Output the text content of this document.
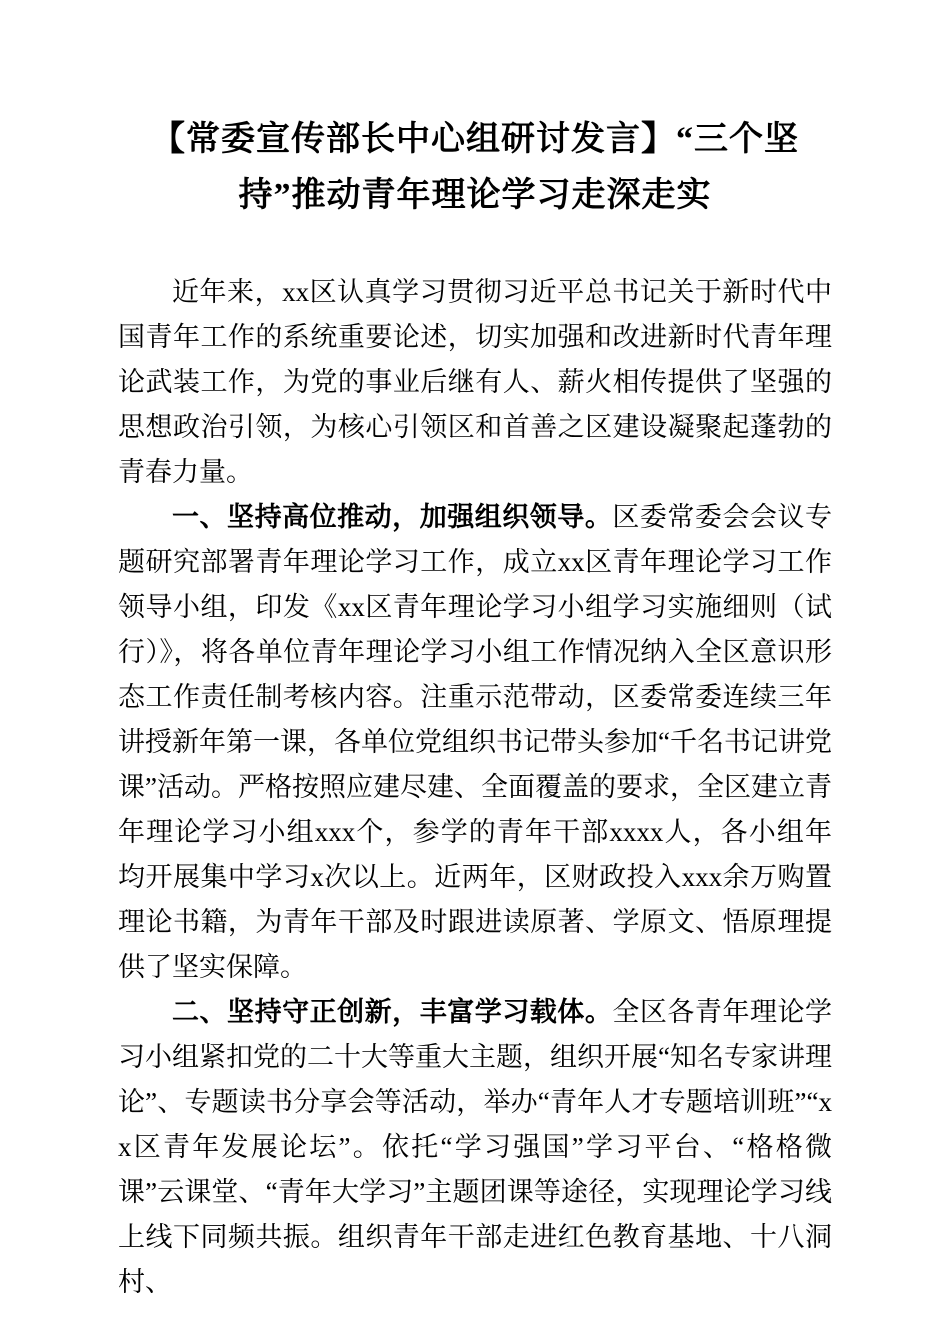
【常委宣传部长中心组研讨发言】“三个坚持”推动青年理论学习走深走实

近年来，xx区认真学习贯彻习近平总书记关于新时代中国青年工作的系统重要论述，切实加强和改进新时代青年理论武装工作，为党的事业后继有人、薪火相传提供了坚强的思想政治引领，为核心引领区和首善之区建设凝聚起蓬勃的青春力量。

一、坚持高位推动，加强组织领导。区委常委会会议专题研究部署青年理论学习工作，成立xx区青年理论学习工作领导小组，印发《xx区青年理论学习小组学习实施细则（试行）》，将各单位青年理论学习小组工作情况纳入全区意识形态工作责任制考核内容。注重示范带动，区委常委连续三年讲授新年第一课，各单位党组织书记带头参加“千名书记讲党课”活动。严格按照应建尽建、全面覆盖的要求，全区建立青年理论学习小组xxx个，参学的青年干部xxxx人，各小组年均开展集中学习x次以上。近两年，区财政投入xxx余万购置理论书籍，为青年干部及时跟进读原著、学原文、悟原理提供了坚实保障。

二、坚持守正创新，丰富学习载体。全区各青年理论学习小组紧扣党的二十大等重大主题，组织开展“知名专家讲理论”、专题读书分享会等活动，举办“青年人才专题培训班”“xx区青年发展论坛”。依托“学习强国”学习平台、“格格微课”云课堂、“青年大学习”主题团课等途径，实现理论学习线上线下同频共振。组织青年干部走进红色教育基地、十八洞村、
